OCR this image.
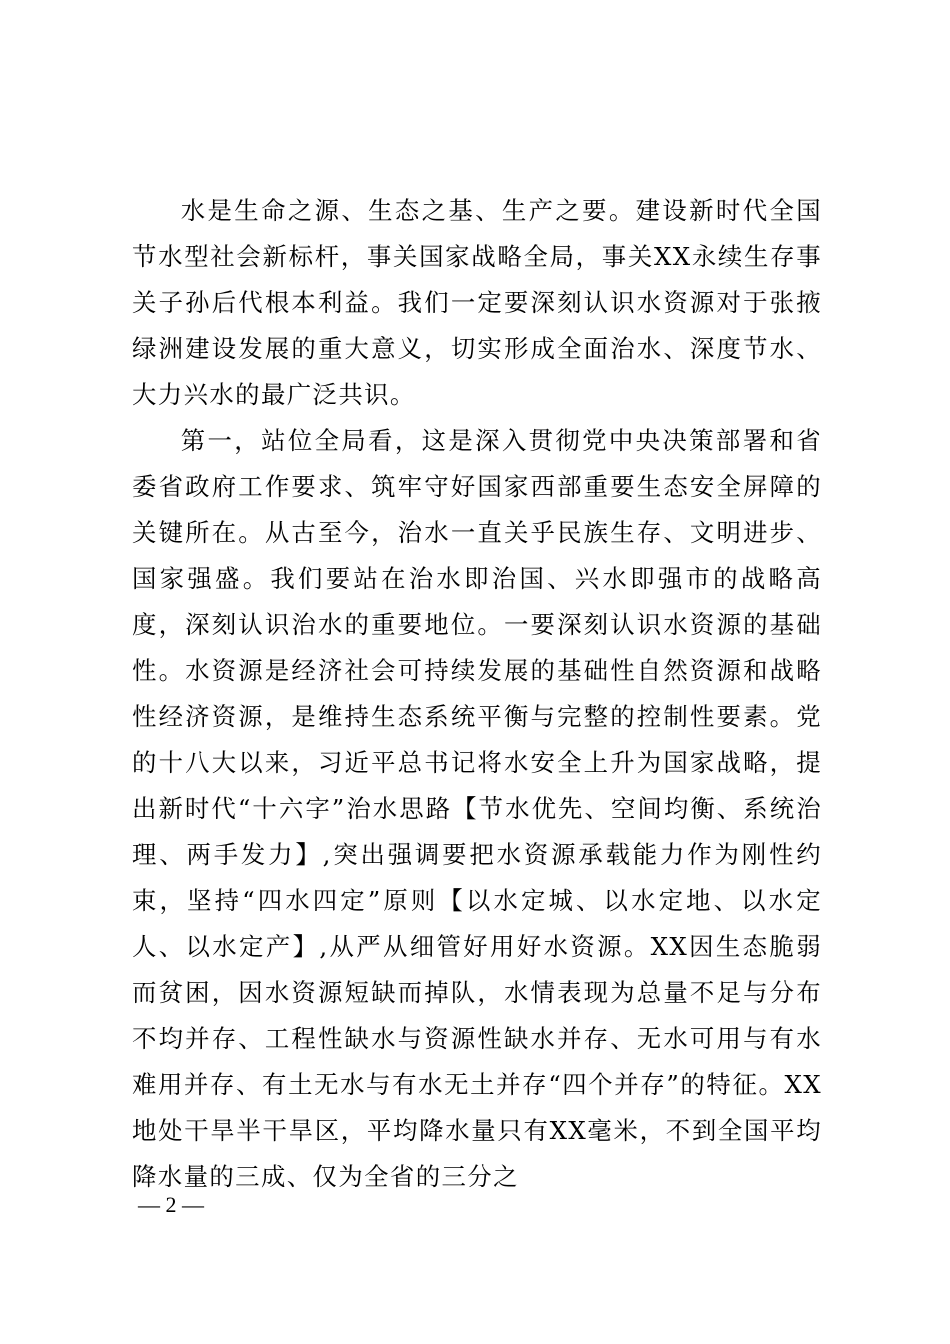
水是生命之源、生态之基、生产之要。建设新时代全国节水型社会新标杆，事关国家战略全局，事关XX永续生存事关子孙后代根本利益。我们一定要深刻认识水资源对于张掖绿洲建设发展的重大意义，切实形成全面治水、深度节水、大力兴水的最广泛共识。

第一，站位全局看，这是深入贯彻党中央决策部署和省委省政府工作要求、筑牢守好国家西部重要生态安全屏障的关键所在。从古至今，治水一直关乎民族生存、文明进步、国家强盛。我们要站在治水即治国、兴水即强市的战略高度，深刻认识治水的重要地位。一要深刻认识水资源的基础性。水资源是经济社会可持续发展的基础性自然资源和战略性经济资源，是维持生态系统平衡与完整的控制性要素。党的十八大以来，习近平总书记将水安全上升为国家战略，提出新时代“十六字”治水思路【节水优先、空间均衡、系统治理、两手发力】,突出强调要把水资源承载能力作为刚性约束，坚持“四水四定”原则【以水定城、以水定地、以水定人、以水定产】,从严从细管好用好水资源。XX因生态脆弱而贫困，因水资源短缺而掉队，水情表现为总量不足与分布不均并存、工程性缺水与资源性缺水并存、无水可用与有水难用并存、有土无水与有水无土并存“四个并存”的特征。XX地处干旱半干旱区，平均降水量只有XX毫米，不到全国平均降水量的三成、仅为全省的三分之

— 2 —
